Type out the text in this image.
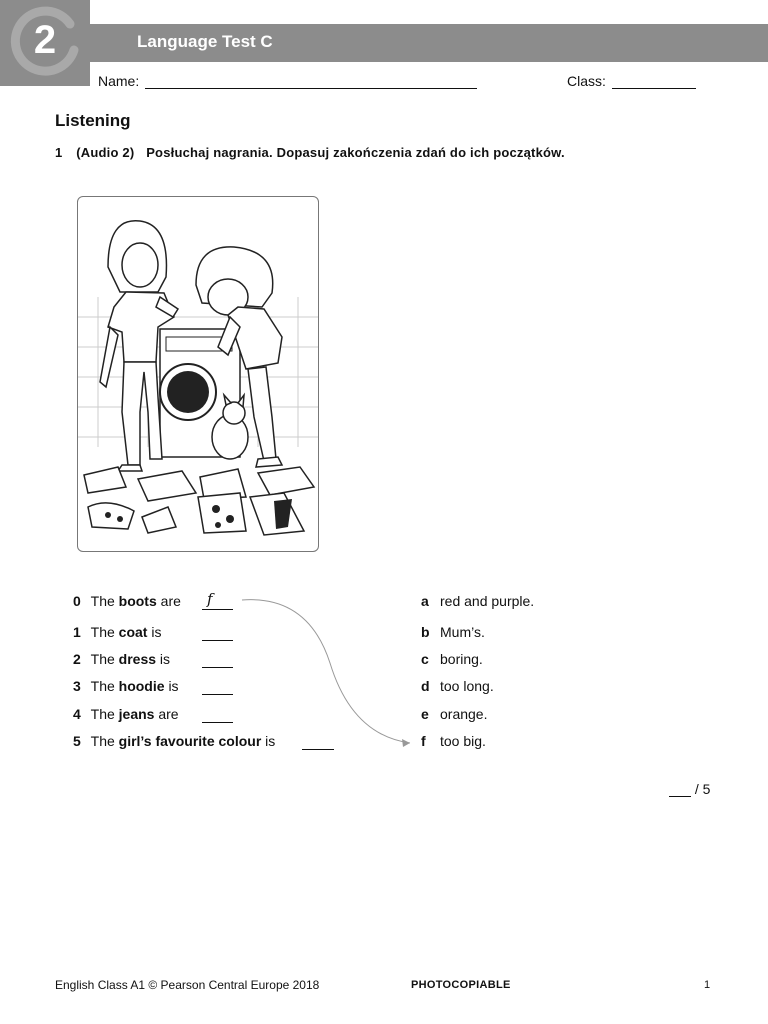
2	Language Test C
Name:	Class:
Listening
1 (Audio 2) Posłuchaj nagrania. Dopasuj zakończenia zdań do ich początków.
0 The boots are f
1 The coat is
2 The dress is
3 The hoodie is
4 The jeans are
5 The girl’s favourite colour is
a red and purple.
b Mum’s.
c boring.
d too long.
e orange.
f too big.
/ 5
English Class A1 © Pearson Central Europe 2018	PHOTOCOPIABLE	1
